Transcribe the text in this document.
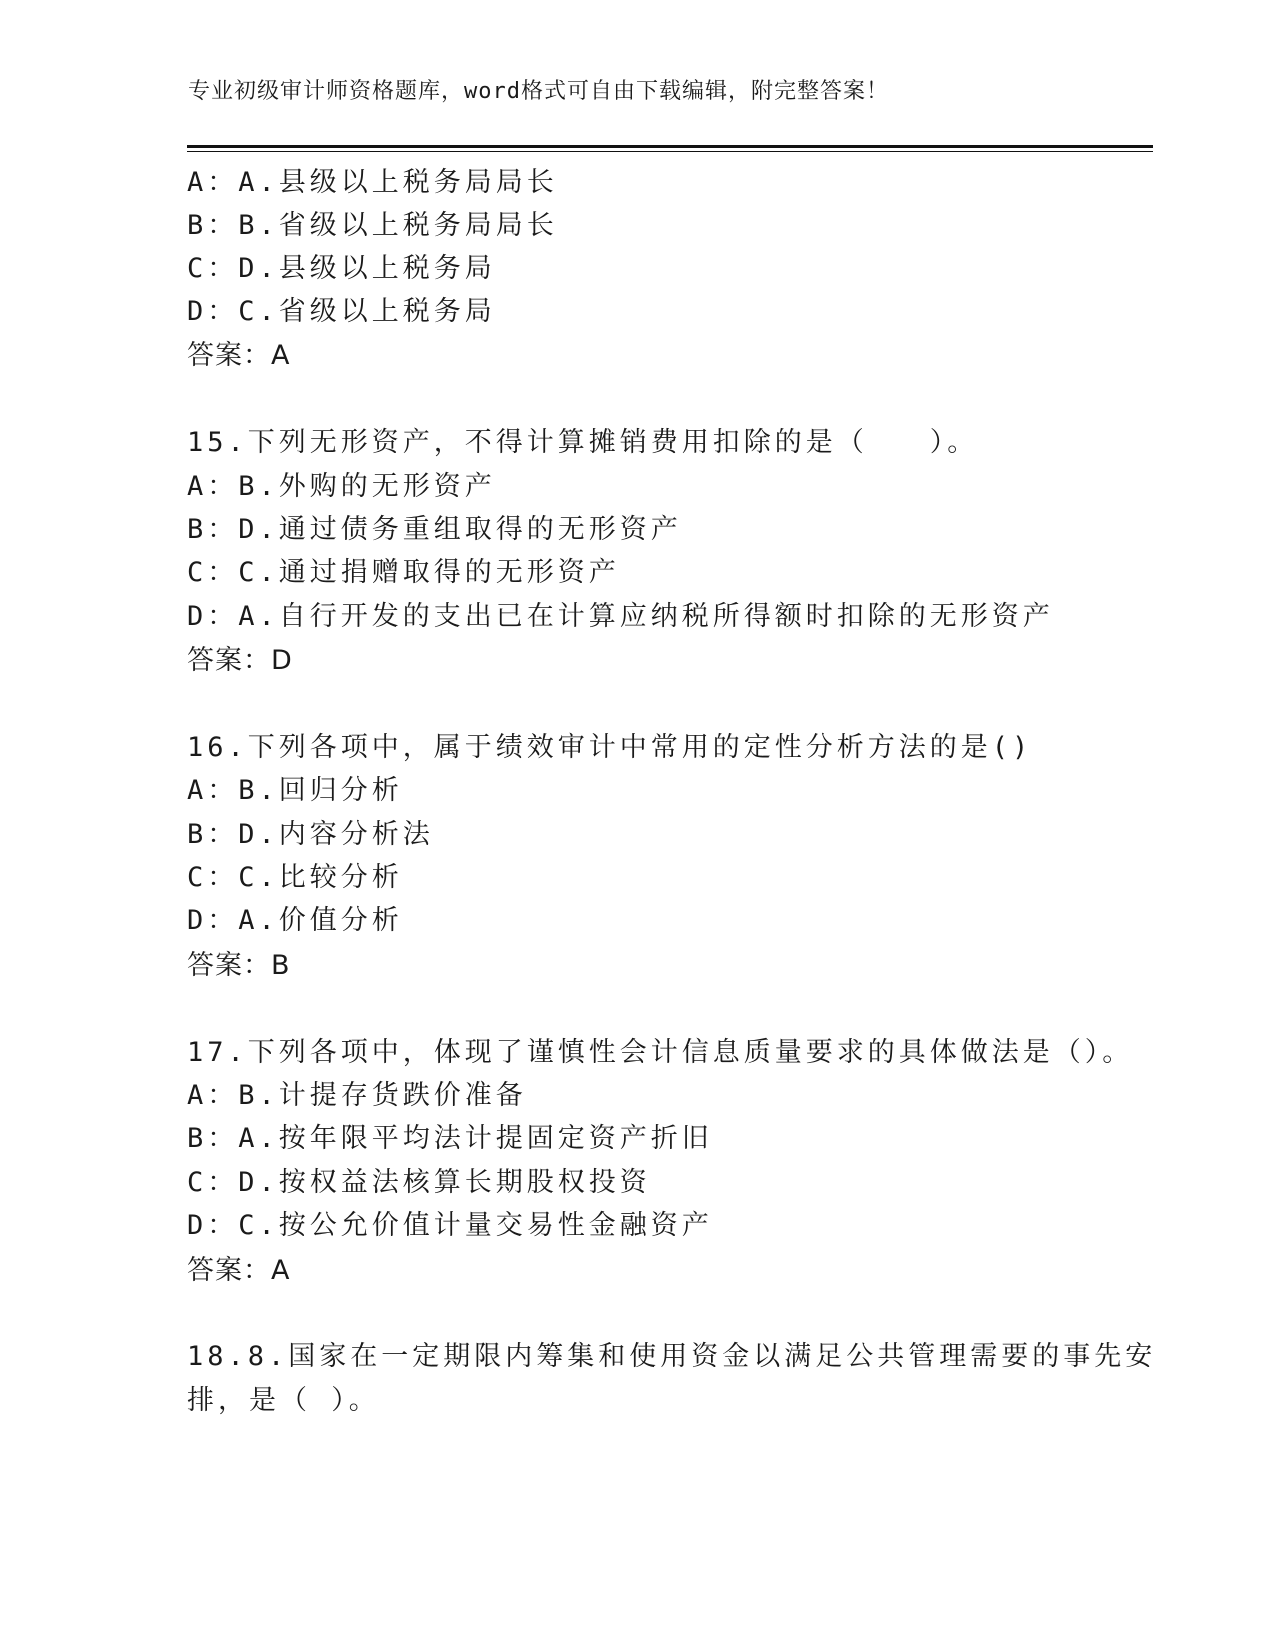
专业初级审计师资格题库，word格式可自由下载编辑，附完整答案！
A：A.县级以上税务局局长
B：B.省级以上税务局局长
C：D.县级以上税务局
D：C.省级以上税务局
答案：A
15.下列无形资产，不得计算摊销费用扣除的是（　　）。
A：B.外购的无形资产
B：D.通过债务重组取得的无形资产
C：C.通过捐赠取得的无形资产
D：A.自行开发的支出已在计算应纳税所得额时扣除的无形资产
答案：D
16.下列各项中，属于绩效审计中常用的定性分析方法的是()
A：B.回归分析
B：D.内容分析法
C：C.比较分析
D：A.价值分析
答案：B
17.下列各项中，体现了谨慎性会计信息质量要求的具体做法是（）。
A：B.计提存货跌价准备
B：A.按年限平均法计提固定资产折旧
C：D.按权益法核算长期股权投资
D：C.按公允价值计量交易性金融资产
答案：A
18.8.国家在一定期限内筹集和使用资金以满足公共管理需要的事先安
排，是（ ）。
